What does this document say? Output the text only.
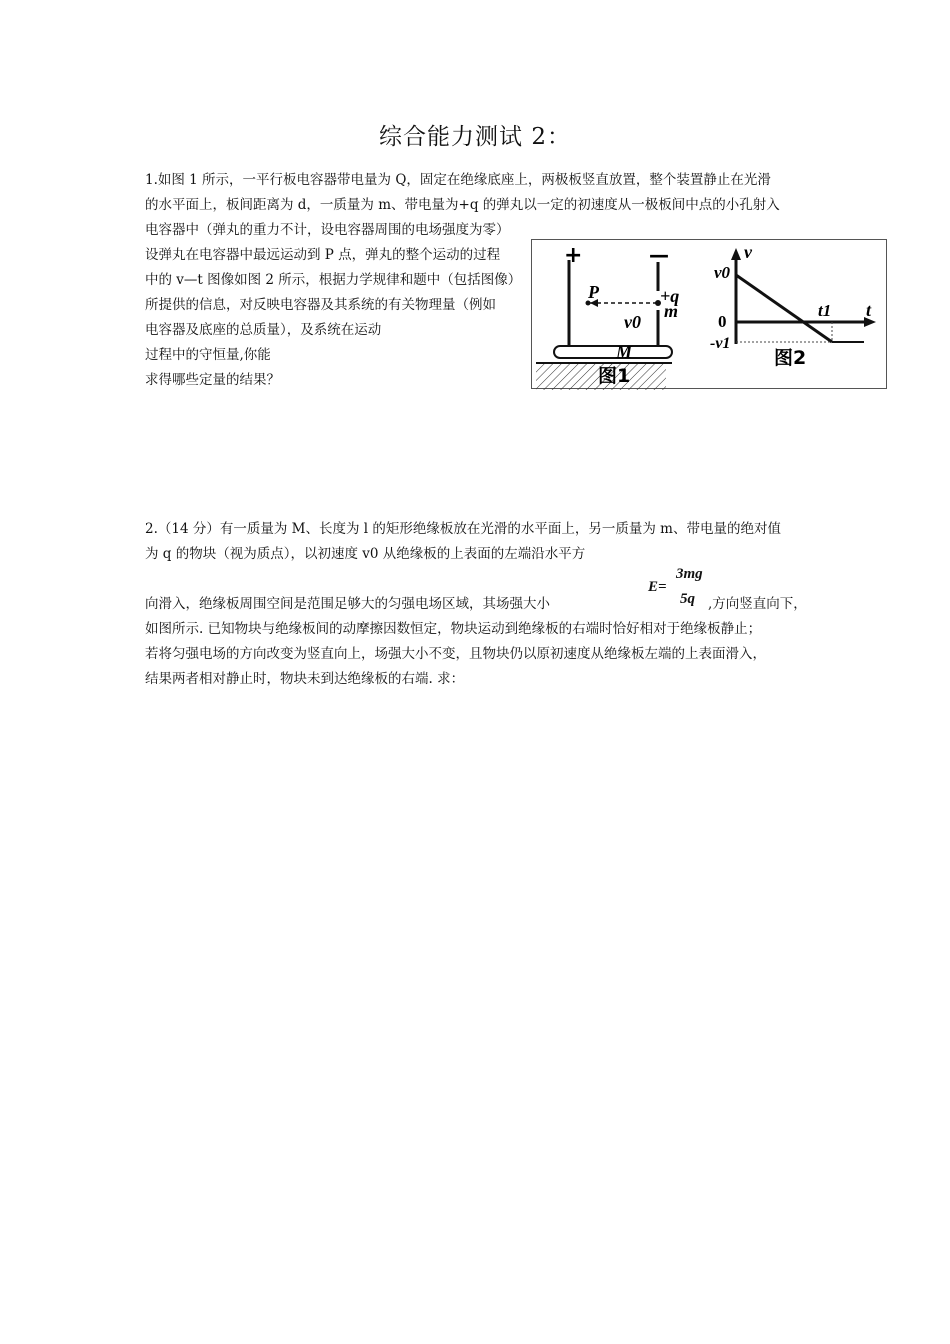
综合能力测试 2：
1.如图 1 所示，一平行板电容器带电量为 Q，固定在绝缘底座上，两极板竖直放置，整个装置静止在光滑
的水平面上，板间距离为 d，一质量为 m、带电量为+q 的弹丸以一定的初速度从一极板间中点的小孔射入
电容器中（弹丸的重力不计，设电容器周围的电场强度为零）
设弹丸在电容器中最远运动到 P 点，弹丸的整个运动的过程
中的 v—t 图像如图 2 所示，根据力学规律和题中（包括图像）
所提供的信息，对反映电容器及其系统的有关物理量（例如
电容器及底座的总质量），及系统在运动
过程中的守恒量,你能
求得哪些定量的结果？
+	—
P	+q
m
v0
M
图1
v
t
v0
0
-v1
t1
图2
2.（14 分）有一质量为 M、长度为 l 的矩形绝缘板放在光滑的水平面上，另一质量为 m、带电量的绝对值
为 q 的物块（视为质点），以初速度 v0 从绝缘板的上表面的左端沿水平方
向滑入，绝缘板周围空间是范围足够大的匀强电场区域，其场强大小	,方向竖直向下，
E=
3mg
5q
如图所示. 已知物块与绝缘板间的动摩擦因数恒定，物块运动到绝缘板的右端时恰好相对于绝缘板静止；
若将匀强电场的方向改变为竖直向上，场强大小不变，且物块仍以原初速度从绝缘板左端的上表面滑入，
结果两者相对静止时，物块未到达绝缘板的右端. 求：
